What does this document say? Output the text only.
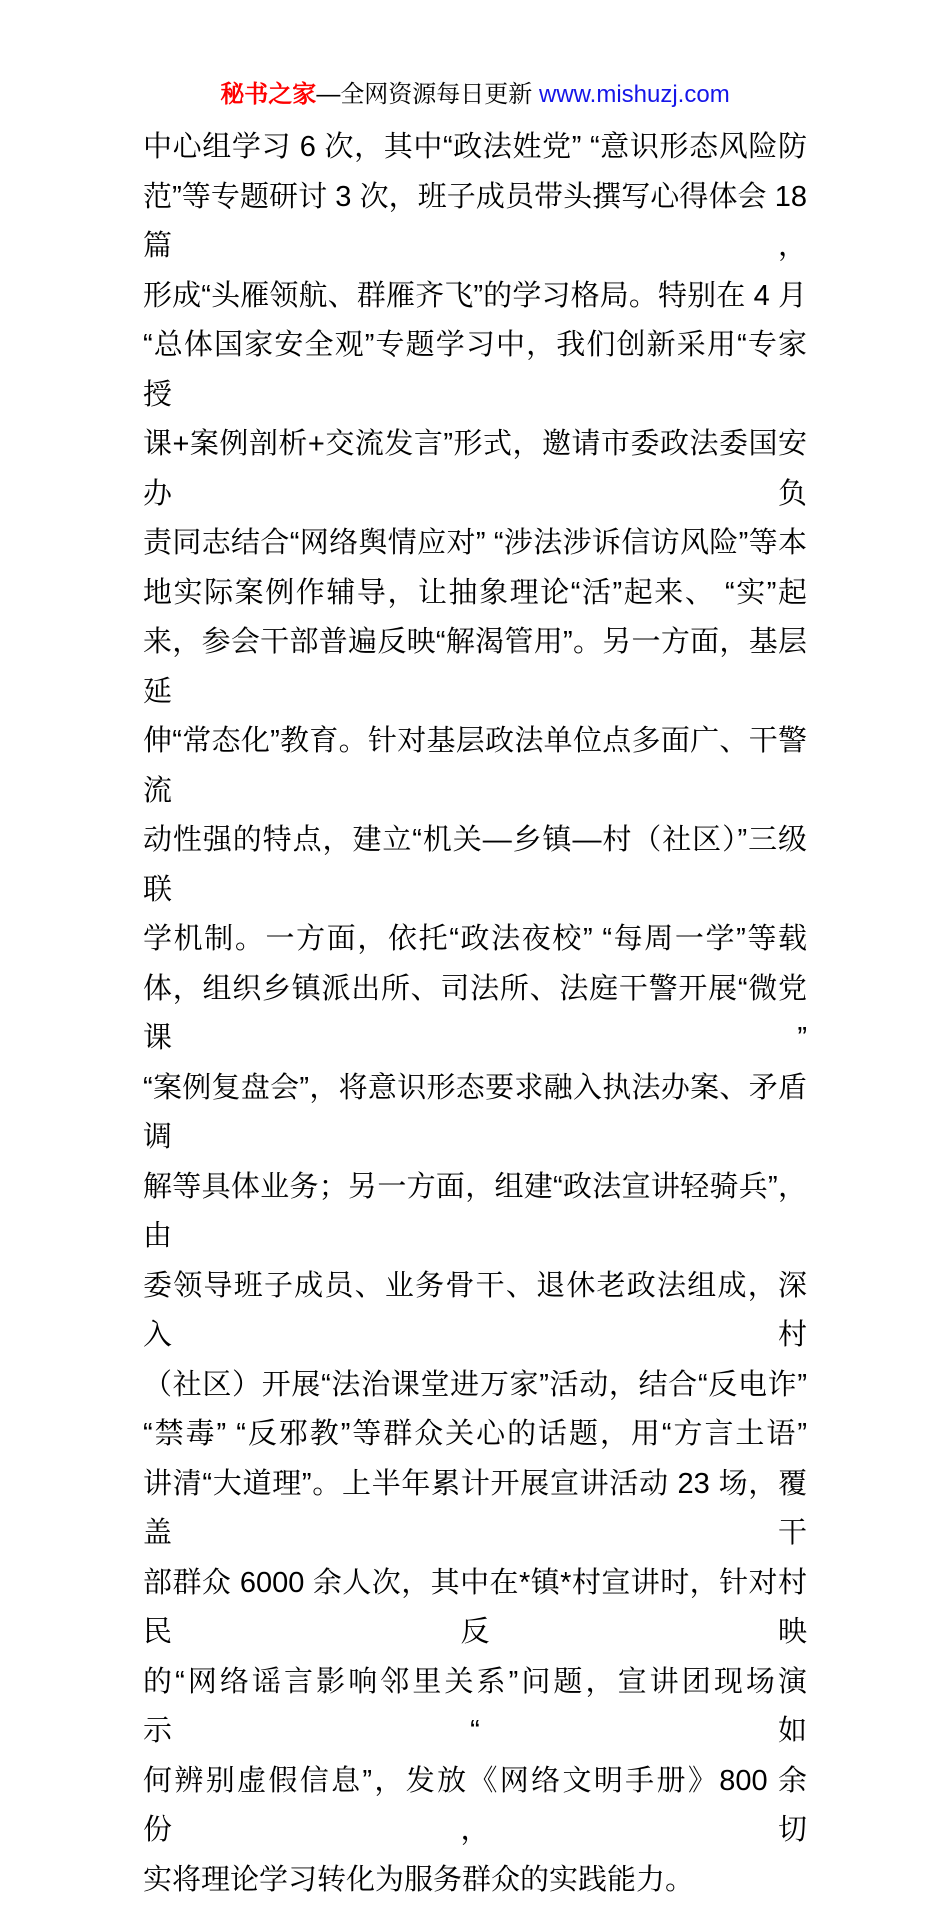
秘书之家—全网资源每日更新 www.mishuzj.com
中心组学习 6 次，其中“政法姓党” “意识形态风险防
范”等专题研讨 3 次，班子成员带头撰写心得体会 18 篇，
形成“头雁领航、群雁齐飞”的学习格局。特别在 4 月
“总体国家安全观”专题学习中，我们创新采用“专家授
课+案例剖析+交流发言”形式，邀请市委政法委国安办负
责同志结合“网络舆情应对” “涉法涉诉信访风险”等本
地实际案例作辅导，让抽象理论“活”起来、 “实”起
来，参会干部普遍反映“解渴管用”。另一方面，基层延
伸“常态化”教育。针对基层政法单位点多面广、干警流
动性强的特点，建立“机关—乡镇—村（社区）”三级联
学机制。一方面，依托“政法夜校” “每周一学”等载
体，组织乡镇派出所、司法所、法庭干警开展“微党课”
“案例复盘会”，将意识形态要求融入执法办案、矛盾调
解等具体业务；另一方面，组建“政法宣讲轻骑兵”，由
委领导班子成员、业务骨干、退休老政法组成，深入村
（社区）开展“法治课堂进万家”活动，结合“反电诈”
“禁毒” “反邪教”等群众关心的话题，用“方言土语”
讲清“大道理”。上半年累计开展宣讲活动 23 场，覆盖干
部群众 6000 余人次，其中在*镇*村宣讲时，针对村民反映
的“网络谣言影响邻里关系”问题，宣讲团现场演示“如
何辨别虚假信息”，发放《网络文明手册》800 余份，切
实将理论学习转化为服务群众的实践能力。
